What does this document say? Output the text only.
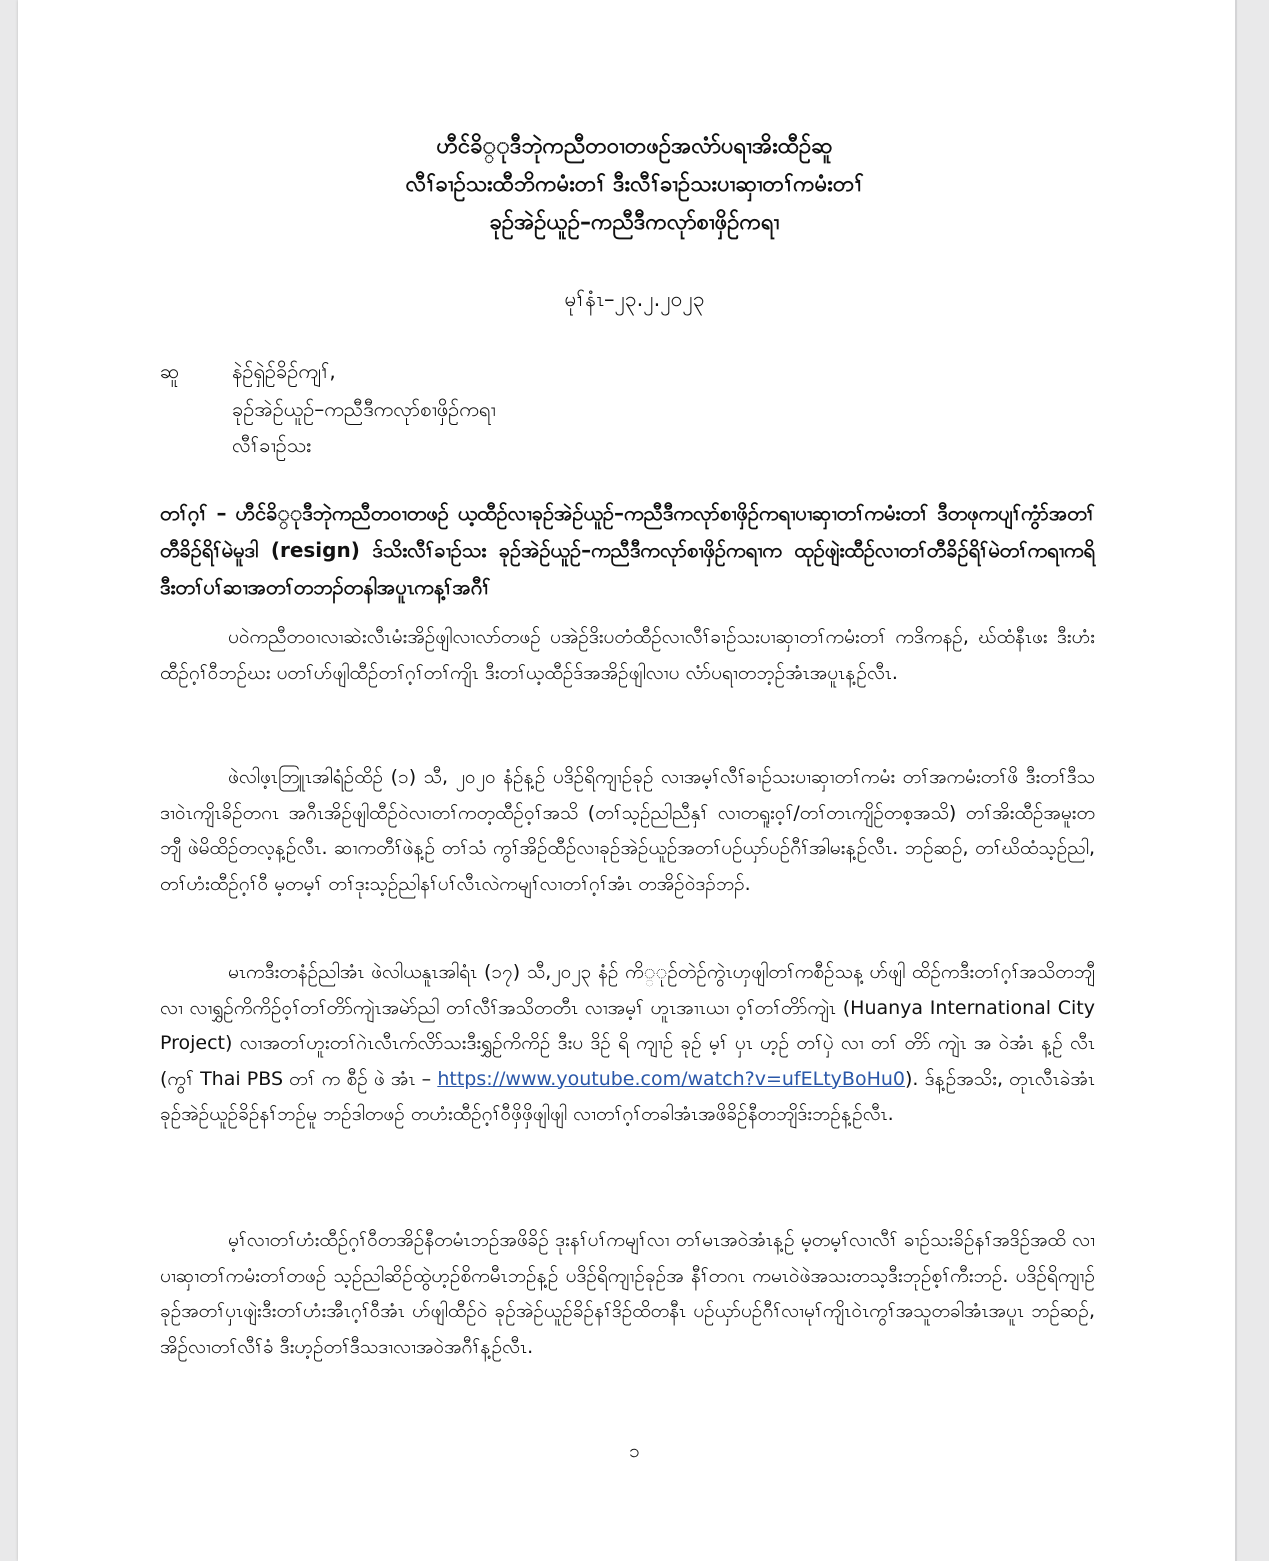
ဟီင်ခိ္ုဒီဘုဲကညီတဝၢတဖဉ်အလံာ်ပရၢအိးထီဉ်ဆူ
လီၢ်ခၢဉ်သးထီဘိကမံးတၢ် ဒီးလီၢ်ခၢဉ်သးပၢဆှၢတၢ်ကမံးတၢ်
ခုဉ်အဲဉ်ယူဉ်–ကညီဒီကလုာ်စၢဖှိဉ်ကရၢ
မုၢ်နံၤ–၂၃.၂.၂၀၂၃
ဆူ	နဲဉ်ရှဲဉ်ခိဉ်ကျၢ်,
ခုဉ်အဲဉ်ယူဉ်–ကညီဒီကလုာ်စၢဖှိဉ်ကရၢ
လီၢ်ခၢဉ်သး
တၢ်ဂ့ၢ် – ဟီင်ခိ္ုဒီဘုဲကညီတဝၢတဖဉ် ယ့ထီဉ်လၢခုဉ်အဲဉ်ယူဉ်–ကညီဒီကလုာ်စၢဖှိဉ်ကရၢပၢဆှၢတၢ်ကမံးတၢ် ဒီတဖုကပျၢ်ကွံာ်အတၢ်တီခိဉ်ရိၢ်မဲမူဒါ (resign) ဒ်သိးလီၢ်ခၢဉ်သး ခုဉ်အဲဉ်ယူဉ်–ကညီဒီကလုာ်စၢဖှိဉ်ကရၢက ထုဉ်ဖျဲးထီဉ်လၢတၢ်တီခိဉ်ရိၢ်မဲတၢ်ကရၢကရိ ဒီးတၢ်ပၢ်ဆၢအတၢ်တဘၣ်တနါအပူၤကန့ၢ်အဂီၢ်
ပဝဲကညီတဝၢလၢဆဲးလီၤမံးအိဉ်ဖျါလၢလာ်တဖဉ် ပအဲဉ်ဒိးပတံထီဉ်လၢလီၢ်ခၢဉ်သးပၢဆှၢတၢ်ကမံးတၢ် ကဒိကနဉ်, ဃ်ထံနီၤဖး ဒီးဟံးထီဉ်ဂ့ၢ်ဝီဘဉ်ဃး ပတၢ်ဟ်ဖျါထီဉ်တၢ်ဂ့ၢ်တၢ်ကျိၤ ဒီးတၢ်ယ့ထီဉ်ဒ်အအိဉ်ဖျါလၢပ လံာ်ပရၢတဘ့ဉ်အံၤအပူၤန့ဉ်လီၤ.
ဖဲလါဖ့ၤဘြူၤအါရံဉ်ထိဉ် (၁) သီ, ၂၀၂၀ နံဉ်န့ဉ် ပဒိဉ်ရိကျၢဉ်ခုဉ် လၢအမ့ၢ်လီၢ်ခၢဉ်သးပၢဆှၢတၢ်ကမံး တၢ်အကမံးတၢ်ဖိ ဒီးတၢ်ဒီသဒၢဝဲၤကျိၤခိဉ်တဂၤ အဂီၤအိဉ်ဖျါထီဉ်ဝဲလၢတၢ်ကတ့ထီဉ်ဝ့ၢ်အသိ (တၢ်သ့ဉ်ညါညီနှၢ် လၢတရူးဝ့ၢ်/တၢ်တၤကျိဉ်တစ့အသိ) တၢ်အိးထီဉ်အမူးတဘျီ ဖဲမိထိဉ်တလ့န့ဉ်လီၤ. ဆၢကတီၢ်ဖဲန့ဉ် တၢ်သံ ကွၢ်အိဉ်ထီဉ်လၢခုဉ်အဲဉ်ယူဉ်အတၢ်ပဉ်ယှာ်ပဉ်ဂီၢ်အါမးန့ဉ်လီၤ. ဘဉ်ဆဉ်, တၢ်ဃိထံသ့ဉ်ညါ, တၢ်ဟံးထီဉ်ဂ့ၢ်ဝီ မ့တမ့ၢ် တၢ်ဒုးသ့ဉ်ညါနၢ်ပၢ်လီၤလဲကမျၢ်လၢတၢ်ဂ့ၢ်အံၤ တအိဉ်ဝဲဒၣ်ဘၣ်.
မၤကဒီးတနံဉ်ညါအံၤ ဖဲလါယနူၤအါရံၤ (၁၇) သီ,၂၀၂၃ နံဉ် ကိ္ုဉ်တဲဉ်ကွဲၤဟှဖျါတၢ်ကစီဉ်သန့ ဟ်ဖျါ ထိဉ်ကဒီးတၢ်ဂ့ၢ်အသိတဘျီလၢ လၢရွှဉ်ကိကိဉ်ဝ့ၢ်တၢ်တိာ်ကျဲၤအမဲာ်ညါ တၢ်လီၢ်အသိတတီၤ လၢအမ့ၢ် ဟူၤအၢၤယၢ ဝ့ၢ်တၢ်တိာ်ကျဲၤ (Huanya International City Project) လၢအတၢ်ဟူးတၢ်ဂဲၤလီၤက်လိာ်သးဒီးရွှဉ်ကိကိဉ် ဒီးပ ဒိဉ် ရိ ကျၢဉ် ခုဉ် မ့ၢ် ပှၤ ဟ့ဉ် တၢ်ပှဲ လၢ တၢ် တိာ် ကျဲၤ အ ဝဲအံၤ န့ဉ် လီၤ (ကွၢ် Thai PBS တၢ် က စီဉ် ဖဲ အံၤ – https://www.youtube.com/watch?v=ufELtyBoHu0). ဒ်န့ဉ်အသိး, တုၤလီၤခဲအံၤခုဉ်အဲဉ်ယူဉ်ခိဉ်နၢ်ဘဉ်မူ ဘဉ်ဒါတဖဉ် တဟံးထီဉ်ဂ့ၢ်ဝီဖှိဖှိဖျါဖျါ လၢတၢ်ဂ့ၢ်တခါအံၤအဖိခိဉ်နီတဘျိဒ်းဘဉ်န့ဉ်လီၤ.
မ့ၢ်လၢတၢ်ဟံးထီဉ်ဂ့ၢ်ဝီတအိဉ်နီတမံၤဘဉ်အဖိခိဉ် ဒုးနၢ်ပၢ်ကမျၢ်လၢ တၢ်မၤအဝဲအံၤန့ဉ် မ့တမ့ၢ်လၢလီၢ် ခၢဉ်သးခိဉ်နၢ်အဒိဉ်အထိ လၢပၢဆှၢတၢ်ကမံးတၢ်တဖဉ် သ့ဉ်ညါဆိဉ်ထွဲဟ့ဉ်စိကမီၤဘဉ်န့ဉ် ပဒိဉ်ရိကျၢဉ်ခုဉ်အ နီၢ်တဂၤ ကမၤဝဲဖဲအသးတသ့ဒီးဘုဉ်စ့ၢ်ကီးဘဉ်. ပဒိဉ်ရိကျၢဉ်ခုဉ်အတၢ်ပှၤဖျဲးဒီးတၢ်ဟံးအီၤဂ့ၢ်ဝီအံၤ ဟ်ဖျါထီဉ်ဝဲ ခုဉ်အဲဉ်ယူဉ်ခိဉ်နၢ်ဒိဉ်ထိတနီၤ ပဉ်ယှာ်ပဉ်ဂီၢ်လၢမုၢ်ကျိၤဝဲၤကွၢ်အသူတခါအံၤအပူၤ ဘဉ်ဆဉ်, အိဉ်လၢတၢ်လီၢ်ခံ ဒီးဟ့ဉ်တၢ်ဒီသဒၢလၢအဝဲအဂီၢ်န့ဉ်လီၤ.
၁
